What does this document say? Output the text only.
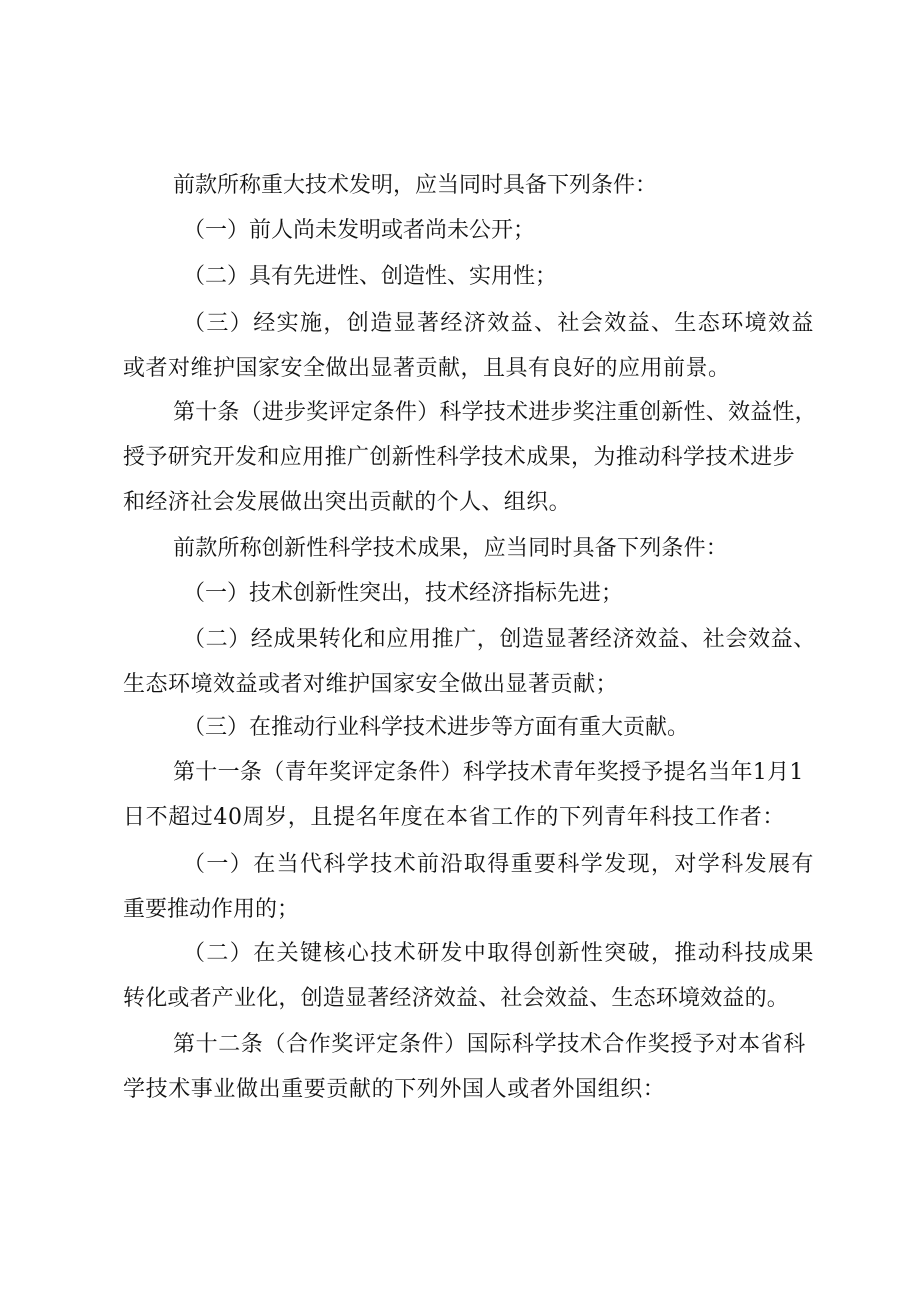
前款所称重大技术发明，应当同时具备下列条件：
（一）前人尚未发明或者尚未公开；
（二）具有先进性、创造性、实用性；
（三）经实施，创造显著经济效益、社会效益、生态环境效益
或者对维护国家安全做出显著贡献，且具有良好的应用前景。
第十条（进步奖评定条件）科学技术进步奖注重创新性、效益性，
授予研究开发和应用推广创新性科学技术成果，为推动科学技术进步
和经济社会发展做出突出贡献的个人、组织。
前款所称创新性科学技术成果，应当同时具备下列条件：
（一）技术创新性突出，技术经济指标先进；
（二）经成果转化和应用推广，创造显著经济效益、社会效益、
生态环境效益或者对维护国家安全做出显著贡献；
（三）在推动行业科学技术进步等方面有重大贡献。
第十一条（青年奖评定条件）科学技术青年奖授予提名当年1月1
日不超过40周岁，且提名年度在本省工作的下列青年科技工作者：
（一）在当代科学技术前沿取得重要科学发现，对学科发展有
重要推动作用的；
（二）在关键核心技术研发中取得创新性突破，推动科技成果
转化或者产业化，创造显著经济效益、社会效益、生态环境效益的。
第十二条（合作奖评定条件）国际科学技术合作奖授予对本省科
学技术事业做出重要贡献的下列外国人或者外国组织：
